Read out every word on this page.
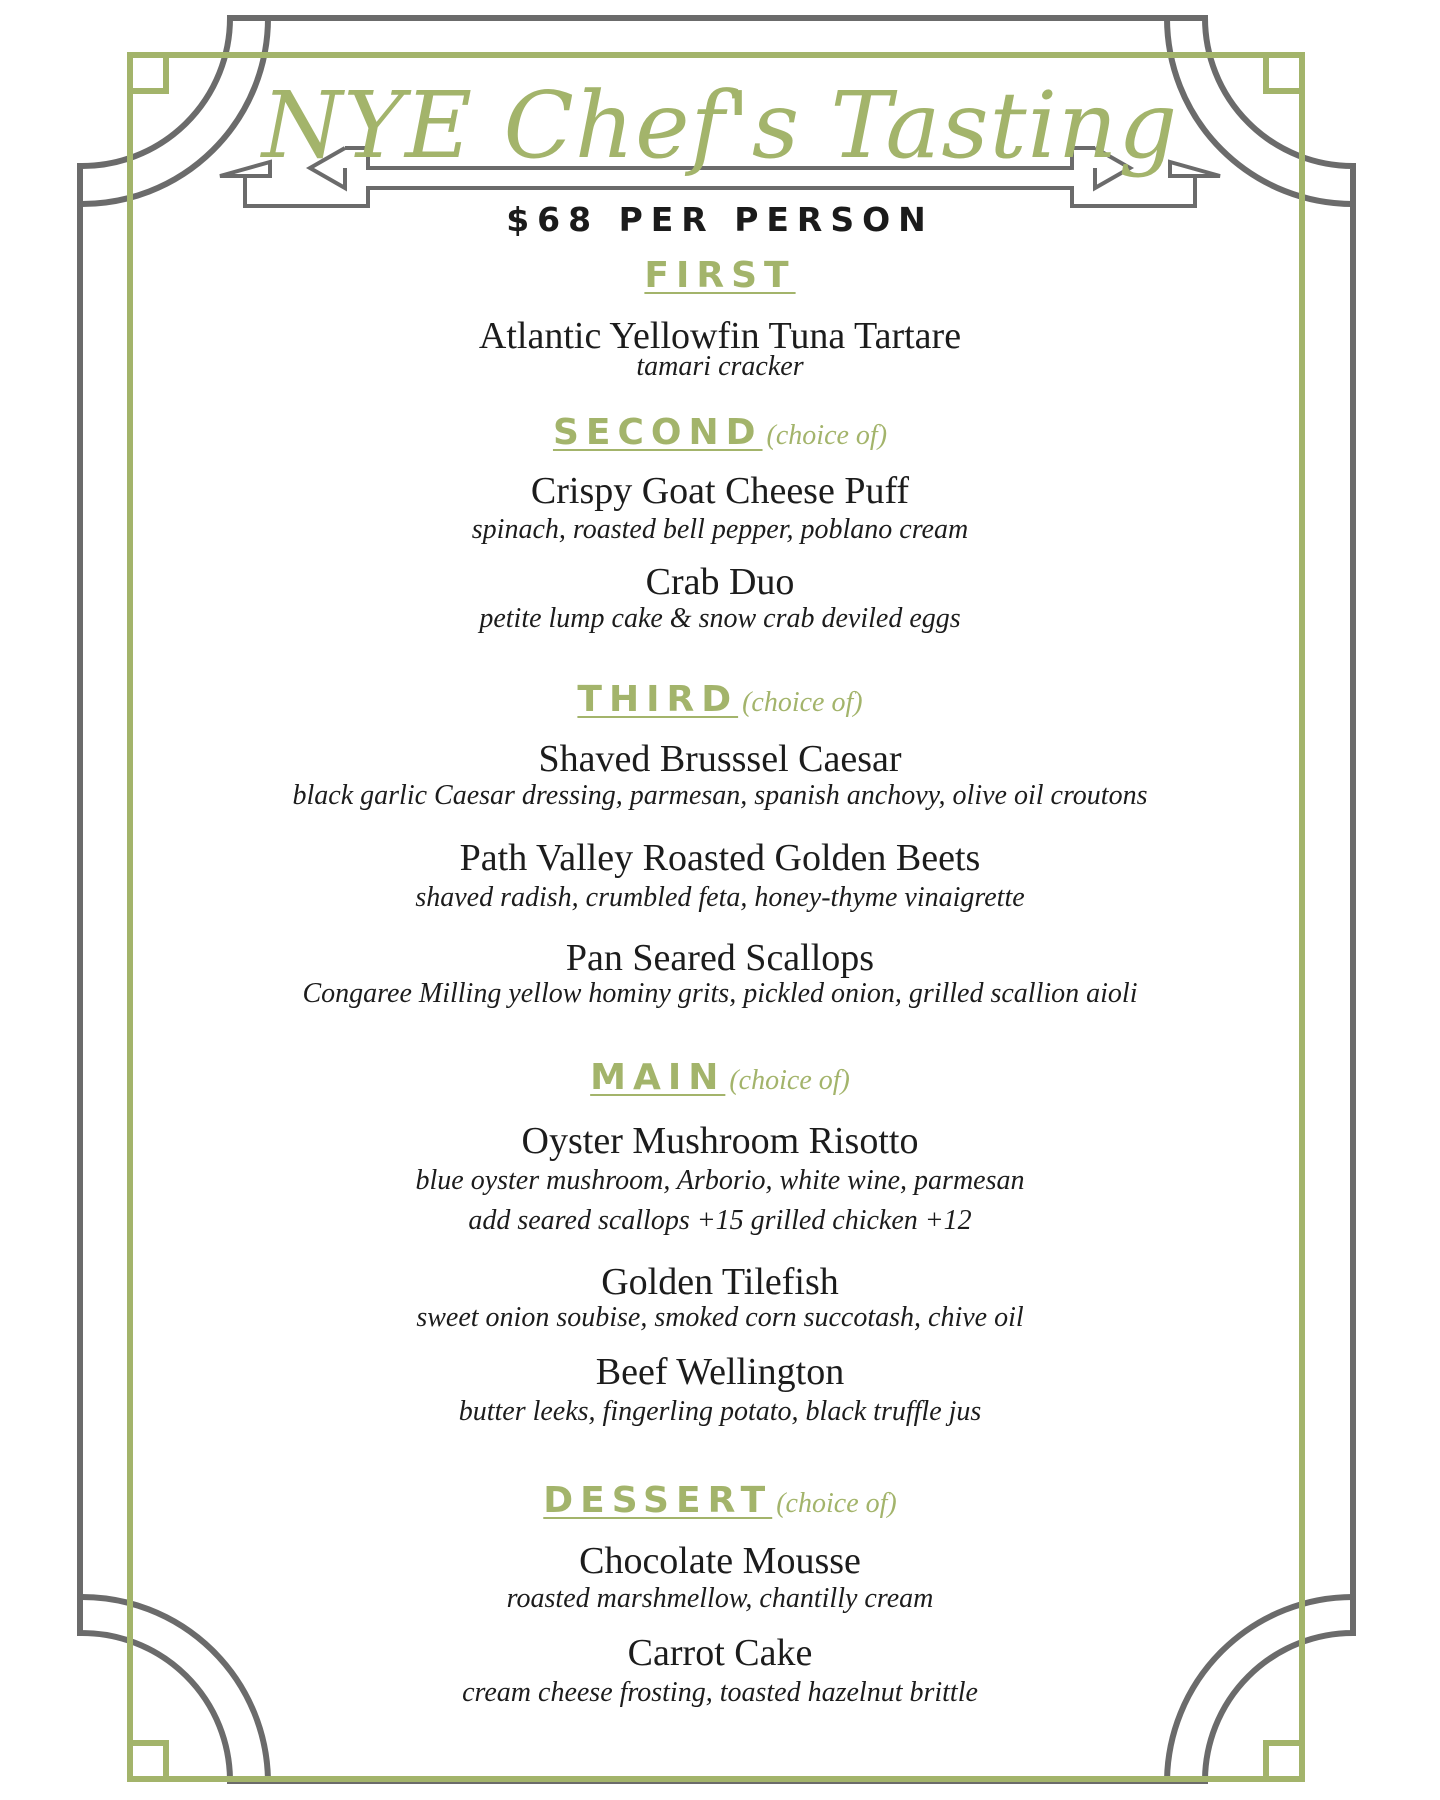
NYE Chef's Tasting
$68 PER PERSON
FIRST
Atlantic Yellowfin Tuna Tartare
tamari cracker
SECOND (choice of)
Crispy Goat Cheese Puff
spinach, roasted bell pepper, poblano cream
Crab Duo
petite lump cake & snow crab deviled eggs
THIRD (choice of)
Shaved Brusssel Caesar
black garlic Caesar dressing, parmesan, spanish anchovy, olive oil croutons
Path Valley Roasted Golden Beets
shaved radish, crumbled feta, honey-thyme vinaigrette
Pan Seared Scallops
Congaree Milling yellow hominy grits, pickled onion, grilled scallion aioli
MAIN (choice of)
Oyster Mushroom Risotto
blue oyster mushroom, Arborio, white wine, parmesan
add seared scallops +15 grilled chicken +12
Golden Tilefish
sweet onion soubise, smoked corn succotash, chive oil
Beef Wellington
butter leeks, fingerling potato, black truffle jus
DESSERT (choice of)
Chocolate Mousse
roasted marshmellow, chantilly cream
Carrot Cake
cream cheese frosting, toasted hazelnut brittle
